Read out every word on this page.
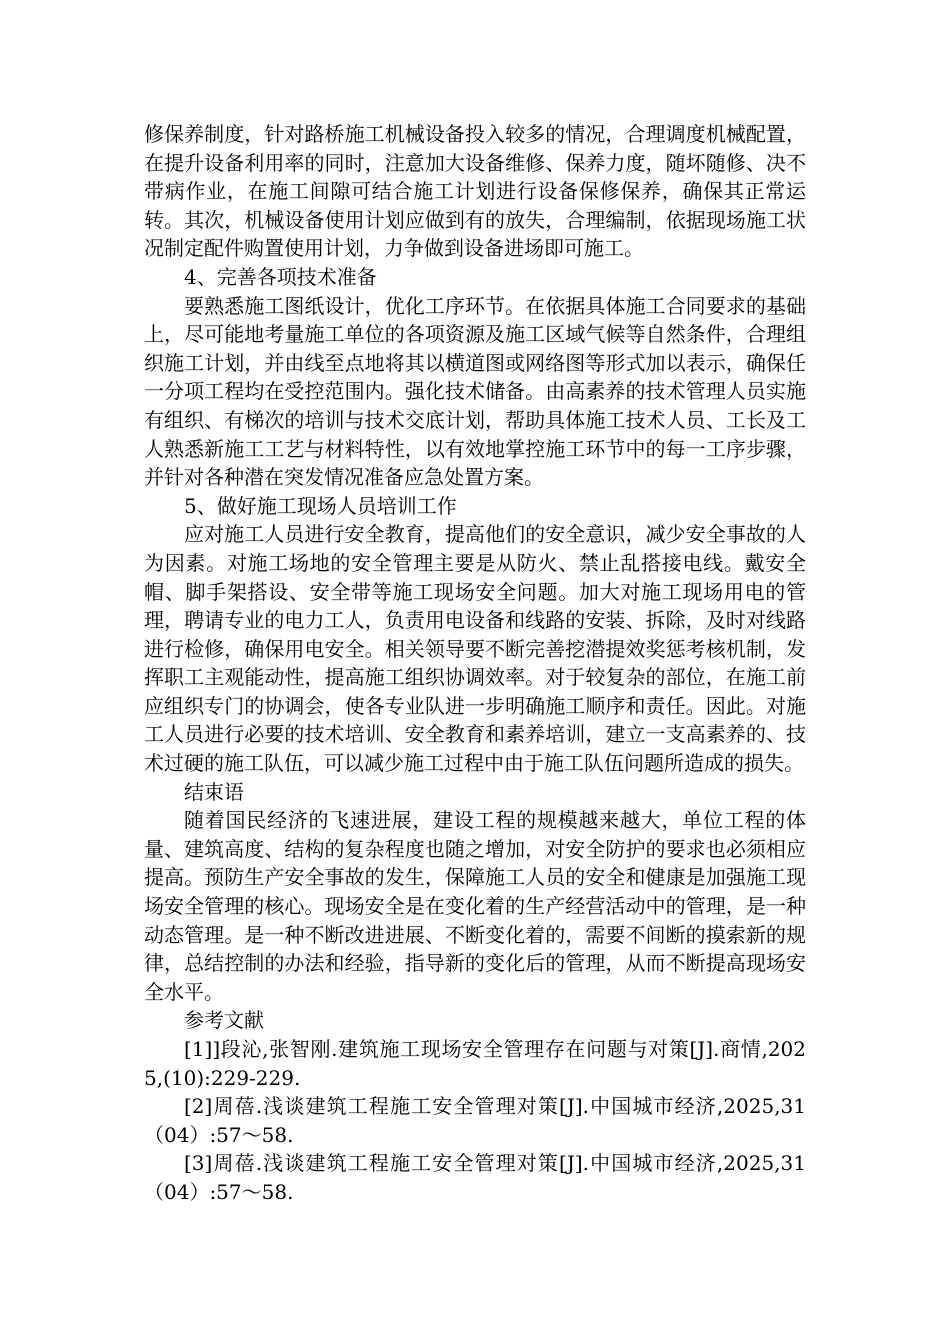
修保养制度，针对路桥施工机械设备投入较多的情况，合理调度机械配置，在提升设备利用率的同时，注意加大设备维修、保养力度，随坏随修、决不带病作业，在施工间隙可结合施工计划进行设备保修保养，确保其正常运转。其次，机械设备使用计划应做到有的放失，合理编制，依据现场施工状况制定配件购置使用计划，力争做到设备进场即可施工。

4、完善各项技术准备

要熟悉施工图纸设计，优化工序环节。在依据具体施工合同要求的基础上，尽可能地考量施工单位的各项资源及施工区域气候等自然条件，合理组织施工计划，并由线至点地将其以横道图或网络图等形式加以表示，确保任一分项工程均在受控范围内。强化技术储备。由高素养的技术管理人员实施有组织、有梯次的培训与技术交底计划，帮助具体施工技术人员、工长及工人熟悉新施工工艺与材料特性，以有效地掌控施工环节中的每一工序步骤，并针对各种潜在突发情况准备应急处置方案。

5、做好施工现场人员培训工作

应对施工人员进行安全教育，提高他们的安全意识，减少安全事故的人为因素。对施工场地的安全管理主要是从防火、禁止乱搭接电线。戴安全帽、脚手架搭设、安全带等施工现场安全问题。加大对施工现场用电的管理，聘请专业的电力工人，负责用电设备和线路的安装、拆除，及时对线路进行检修，确保用电安全。相关领导要不断完善挖潜提效奖惩考核机制，发挥职工主观能动性，提高施工组织协调效率。对于较复杂的部位，在施工前应组织专门的协调会，使各专业队进一步明确施工顺序和责任。因此。对施工人员进行必要的技术培训、安全教育和素养培训，建立一支高素养的、技术过硬的施工队伍，可以减少施工过程中由于施工队伍问题所造成的损失。

结束语

随着国民经济的飞速进展，建设工程的规模越来越大，单位工程的体量、建筑高度、结构的复杂程度也随之增加，对安全防护的要求也必须相应提高。预防生产安全事故的发生，保障施工人员的安全和健康是加强施工现场安全管理的核心。现场安全是在变化着的生产经营活动中的管理，是一种动态管理。是一种不断改进进展、不断变化着的，需要不间断的摸索新的规律，总结控制的办法和经验，指导新的变化后的管理，从而不断提高现场安全水平。

参考文献

[1]]段沁,张智刚.建筑施工现场安全管理存在问题与对策[J].商情,2025,(10):229-229.

[2]周蓓.浅谈建筑工程施工安全管理对策[J].中国城市经济,2025,31（04）:57～58.

[3]周蓓.浅谈建筑工程施工安全管理对策[J].中国城市经济,2025,31（04）:57～58.
